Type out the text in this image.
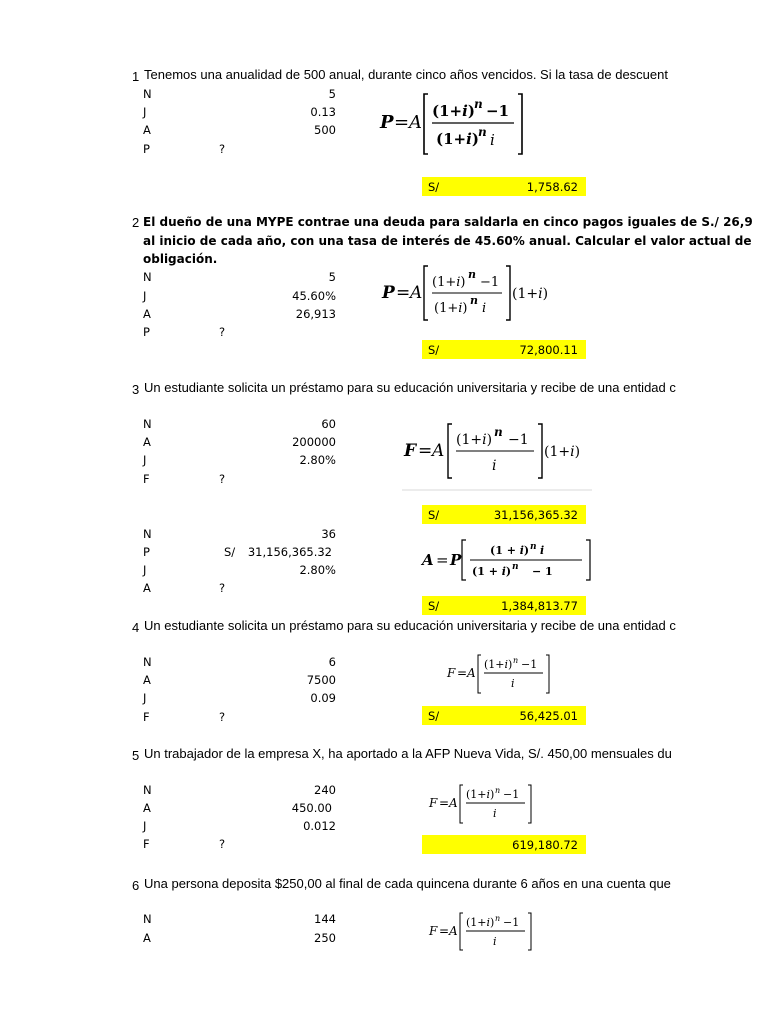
1 Tenemos una anualidad de 500 anual, durante cinco años vencidos. Si la tasa de descuent
N	5
J	0.13
A	500
P	?
P = A
(1+i) n −1
(1+i) n i
S/	1,758.62
2 El dueño de una MYPE contrae una deuda para saldarla en cinco pagos iguales de S./ 26,9
al inicio de cada año, con una tasa de interés de 45.60% anual. Calcular el valor actual de
obligación.
N	5
J	45.60%
A	26,913
P	?
P = A
(1+i)
n
−1
(1+i)
n
i
(1+i)
S/	72,800.11
3 Un estudiante solicita un préstamo para su educación universitaria y recibe de una entidad c
N	60
A	200000
J	2.80%
F	?
F = A
(1+i) n −1
i
(1+i)
S/	31,156,365.32
N	36
P	S/	31,156,365.32
J	2.80%
A	?
A = P
(1 + i) n i
(1 + i) n − 1
S/	1,384,813.77
4 Un estudiante solicita un préstamo para su educación universitaria y recibe de una entidad c
N	6
A	7500
J	0.09
F	?
F = A
(1+i) n −1
i
S/	56,425.01
5 Un trabajador de la empresa X, ha aportado a la AFP Nueva Vida, S/. 450,00 mensuales du
N	240
A	450.00
J	0.012
F	?
F = A
(1+i) n −1
i
619,180.72
6 Una persona deposita $250,00 al final de cada quincena durante 6 años en una cuenta que
N	144
A	250	F = A
(1+i) n −1
i
